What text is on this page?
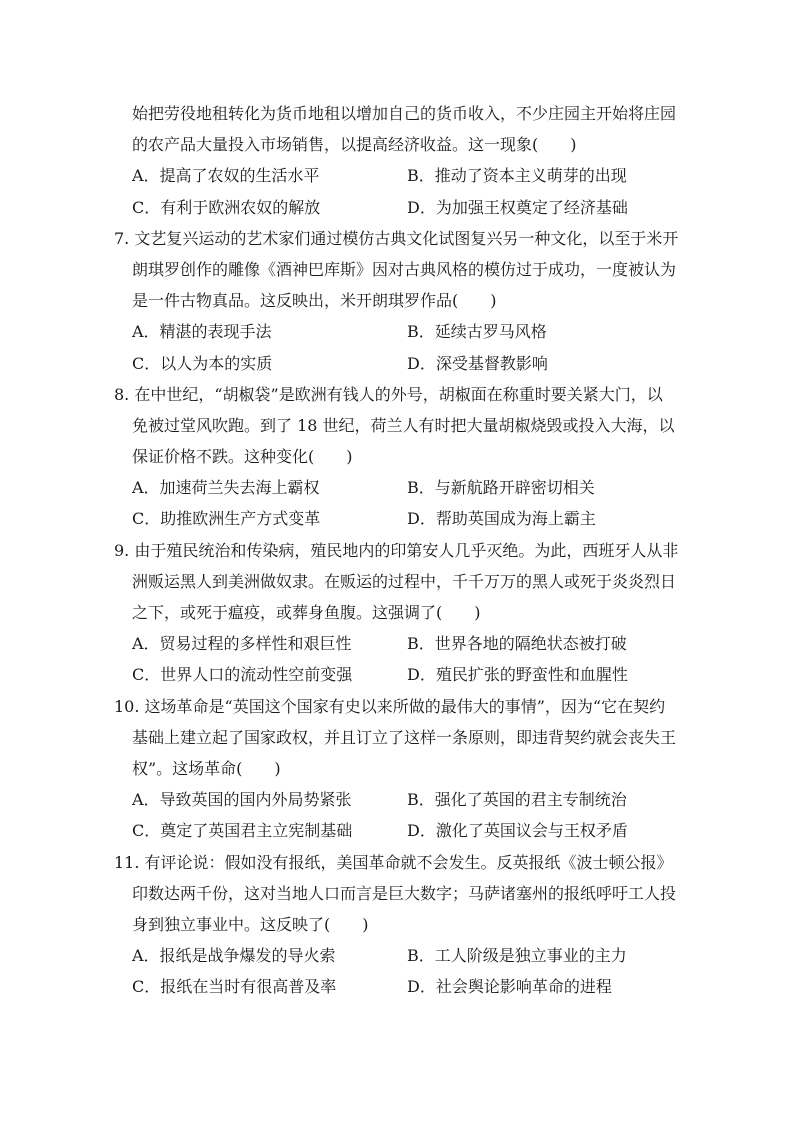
始把劳役地租转化为货币地租以增加自己的货币收入，不少庄园主开始将庄园
的农产品大量投入市场销售，以提高经济收益。这一现象(　　)
A．提高了农奴的生活水平	B．推动了资本主义萌芽的出现
C．有利于欧洲农奴的解放	D．为加强王权奠定了经济基础
7. 文艺复兴运动的艺术家们通过模仿古典文化试图复兴另一种文化，以至于米开
朗琪罗创作的雕像《酒神巴库斯》因对古典风格的模仿过于成功，一度被认为
是一件古物真品。这反映出，米开朗琪罗作品(　　)
A．精湛的表现手法	B．延续古罗马风格
C．以人为本的实质	D．深受基督教影响
8. 在中世纪，“胡椒袋”是欧洲有钱人的外号，胡椒面在称重时要关紧大门，以
免被过堂风吹跑。到了 18 世纪，荷兰人有时把大量胡椒烧毁或投入大海，以
保证价格不跌。这种变化(　　)
A．加速荷兰失去海上霸权	B．与新航路开辟密切相关
C．助推欧洲生产方式变革	D．帮助英国成为海上霸主
9. 由于殖民统治和传染病，殖民地内的印第安人几乎灭绝。为此，西班牙人从非
洲贩运黑人到美洲做奴隶。在贩运的过程中，千千万万的黑人或死于炎炎烈日
之下，或死于瘟疫，或葬身鱼腹。这强调了(　　)
A．贸易过程的多样性和艰巨性	B．世界各地的隔绝状态被打破
C．世界人口的流动性空前变强	D．殖民扩张的野蛮性和血腥性
10. 这场革命是“英国这个国家有史以来所做的最伟大的事情”，因为“它在契约
基础上建立起了国家政权，并且订立了这样一条原则，即违背契约就会丧失王
权”。这场革命(　　)
A．导致英国的国内外局势紧张	B．强化了英国的君主专制统治
C．奠定了英国君主立宪制基础	D．激化了英国议会与王权矛盾
11. 有评论说：假如没有报纸，美国革命就不会发生。反英报纸《波士顿公报》
印数达两千份，这对当地人口而言是巨大数字；马萨诸塞州的报纸呼吁工人投
身到独立事业中。这反映了(　　)
A．报纸是战争爆发的导火索	B．工人阶级是独立事业的主力
C．报纸在当时有很高普及率	D．社会舆论影响革命的进程
